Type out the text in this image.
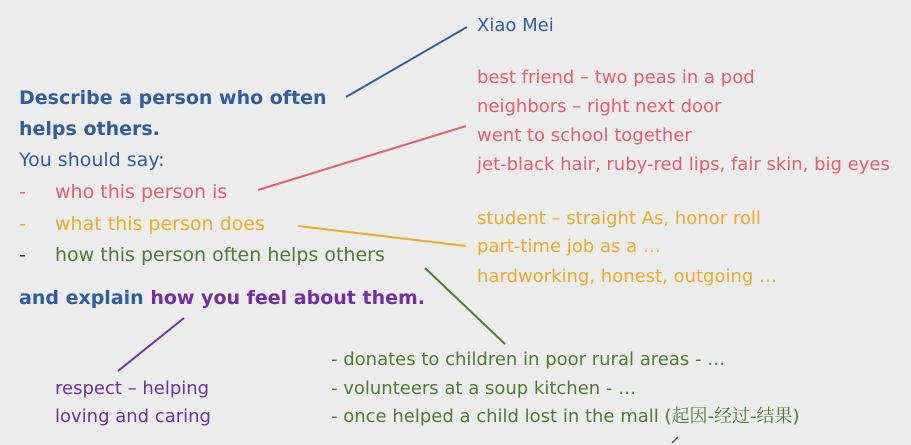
Xiao Mei
Describe a person who often
helps others.
You should say:
- who this person is
- what this person does
- how this person often helps others
and explain how you feel about them.
best friend – two peas in a pod
neighbors – right next door
went to school together
jet-black hair, ruby-red lips, fair skin, big eyes
student – straight As, honor roll
part-time job as a …
hardworking, honest, outgoing …
- donates to children in poor rural areas - …
- volunteers at a soup kitchen - …
- once helped a child lost in the mall (起因-经过-结果)
respect – helping
loving and caring
